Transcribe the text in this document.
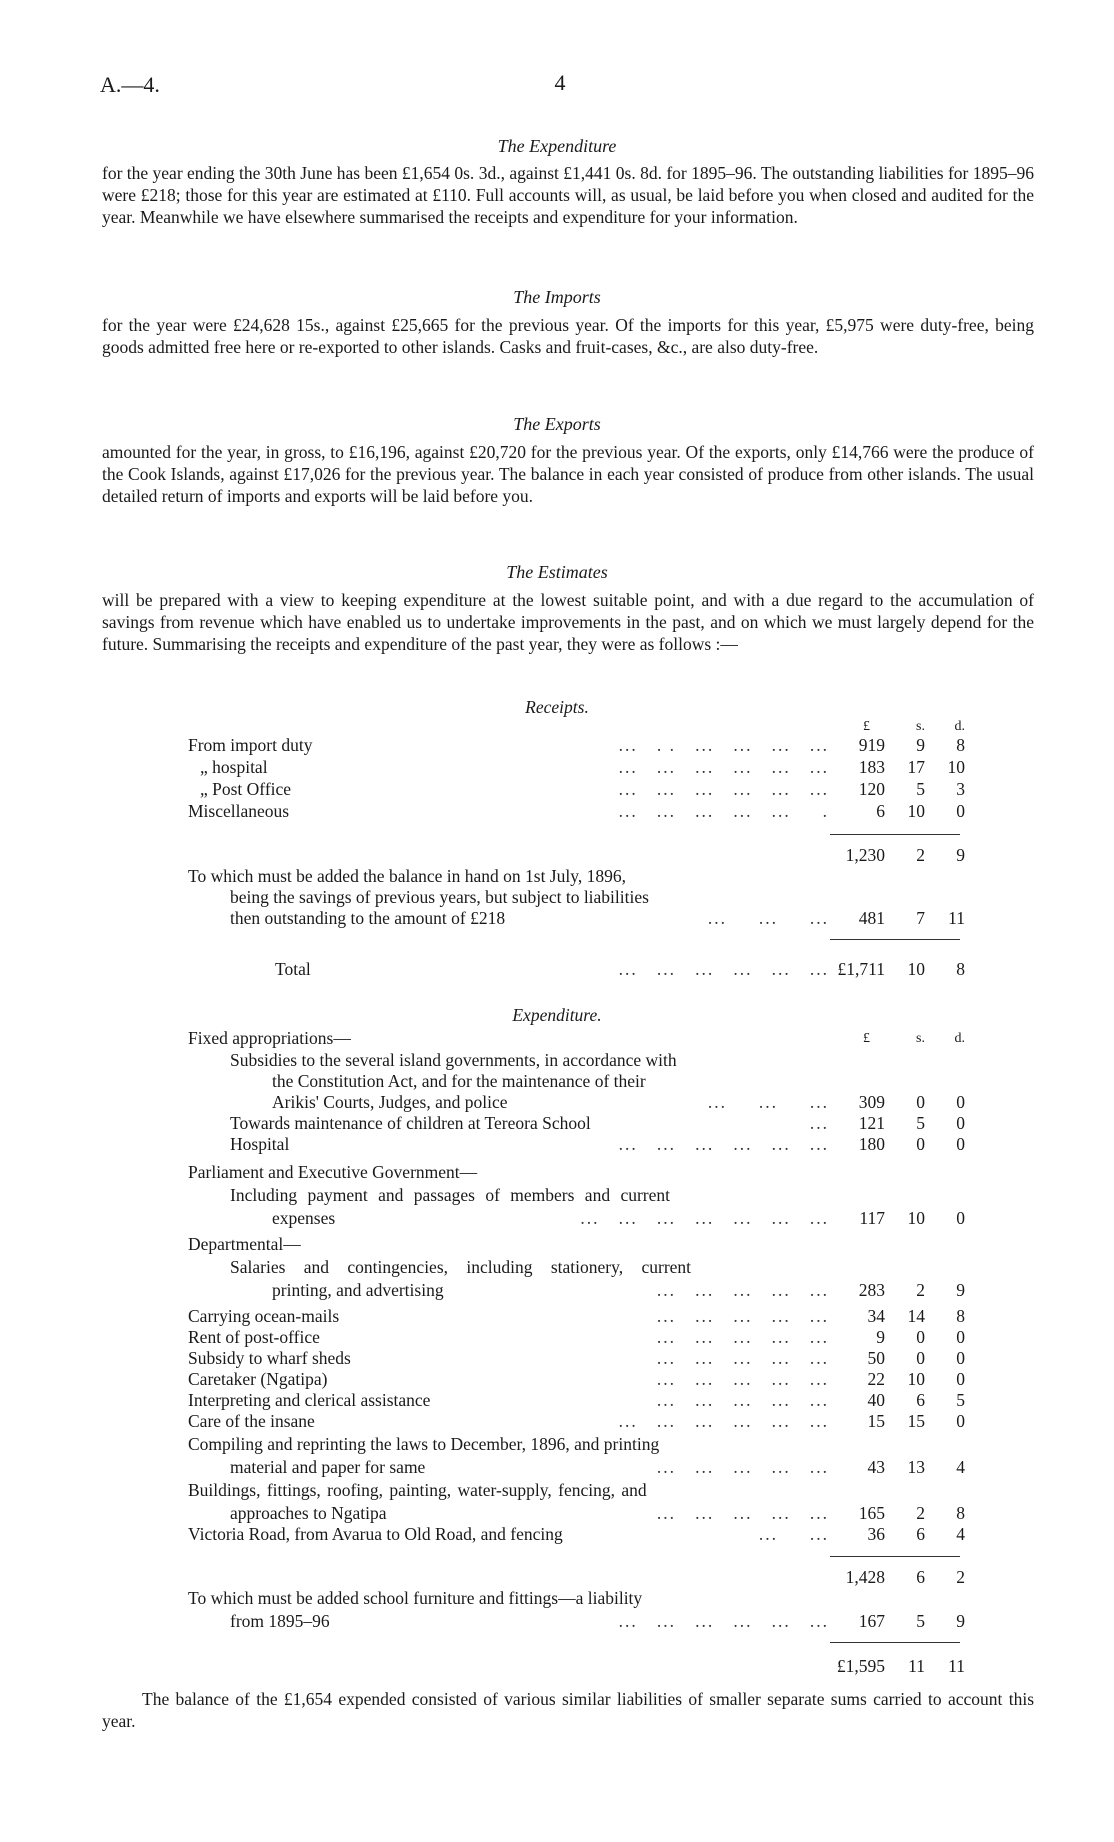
A.—4.	4
The Expenditure

for the year ending the 30th June has been £1,654 0s. 3d., against £1,441 0s. 8d. for 1895–96. The outstanding liabilities for 1895–96 were £218; those for this year are estimated at £110. Full accounts will, as usual, be laid before you when closed and audited for the year. Meanwhile we have elsewhere summarised the receipts and expenditure for your information.

The Imports

for the year were £24,628 15s., against £25,665 for the previous year. Of the imports for this year, £5,975 were duty-free, being goods admitted free here or re-exported to other islands. Casks and fruit-cases, &c., are also duty-free.

The Exports

amounted for the year, in gross, to £16,196, against £20,720 for the previous year. Of the exports, only £14,766 were the produce of the Cook Islands, against £17,026 for the previous year. The balance in each year consisted of produce from other islands. The usual detailed return of imports and exports will be laid before you.

The Estimates

will be prepared with a view to keeping expenditure at the lowest suitable point, and with a due regard to the accumulation of savings from revenue which have enabled us to undertake improvements in the past, and on which we must largely depend for the future. Summarising the receipts and expenditure of the past year, they were as follows :—

Receipts.
£	s.	d.
From import duty	...   . .   ...   ...   ...   ...	919	9	8
„ hospital	...   ...   ...   ...   ...   ...	183	17	10
„ Post Office	...   ...   ...   ...   ...   ...	120	5	3
Miscellaneous	...   ...   ...   ...   ...     .	6	10	0
1,230	2	9
To which must be added the balance in hand on 1st July, 1896,
being the savings of previous years, but subject to liabilities
then outstanding to the amount of £218	...     ...     ...	481	7	11
Total	...   ...   ...   ...   ...   ... £1,711	10	8
Expenditure.
Fixed appropriations—	£	s.	d.
Subsidies to the several island governments, in accordance with
the Constitution Act, and for the maintenance of their
Arikis' Courts, Judges, and police	...     ...     ...	309	0	0
Towards maintenance of children at Tereora School	...	121	5	0
Hospital	...   ...   ...   ...   ...   ...	180	0	0
Parliament and Executive Government—
Including payment and passages of members and current
expenses	...   ...   ...   ...   ...   ...   ...	117	10	0
Departmental—
Salaries and contingencies, including stationery, current
printing, and advertising	...   ...   ...   ...   ...	283	2	9
Carrying ocean-mails	...   ...   ...   ...   ...	34	14	8
Rent of post-office	...   ...   ...   ...   ...	9	0	0
Subsidy to wharf sheds	...   ...   ...   ...   ...	50	0	0
Caretaker (Ngatipa)	...   ...   ...   ...   ...	22	10	0
Interpreting and clerical assistance	...   ...   ...   ...   ...	40	6	5
Care of the insane	...   ...   ...   ...   ...   ...	15	15	0
Compiling and reprinting the laws to December, 1896, and printing
material and paper for same	...   ...   ...   ...   ...	43	13	4
Buildings, fittings, roofing, painting, water-supply, fencing, and
approaches to Ngatipa	...   ...   ...   ...   ...	165	2	8
Victoria Road, from Avarua to Old Road, and fencing	...     ...	36	6	4
1,428	6	2
To which must be added school furniture and fittings—a liability
from 1895–96	...   ...   ...   ...   ...   ...	167	5	9
£1,595	11	11

The balance of the £1,654 expended consisted of various similar liabilities of smaller separate sums carried to account this year.
